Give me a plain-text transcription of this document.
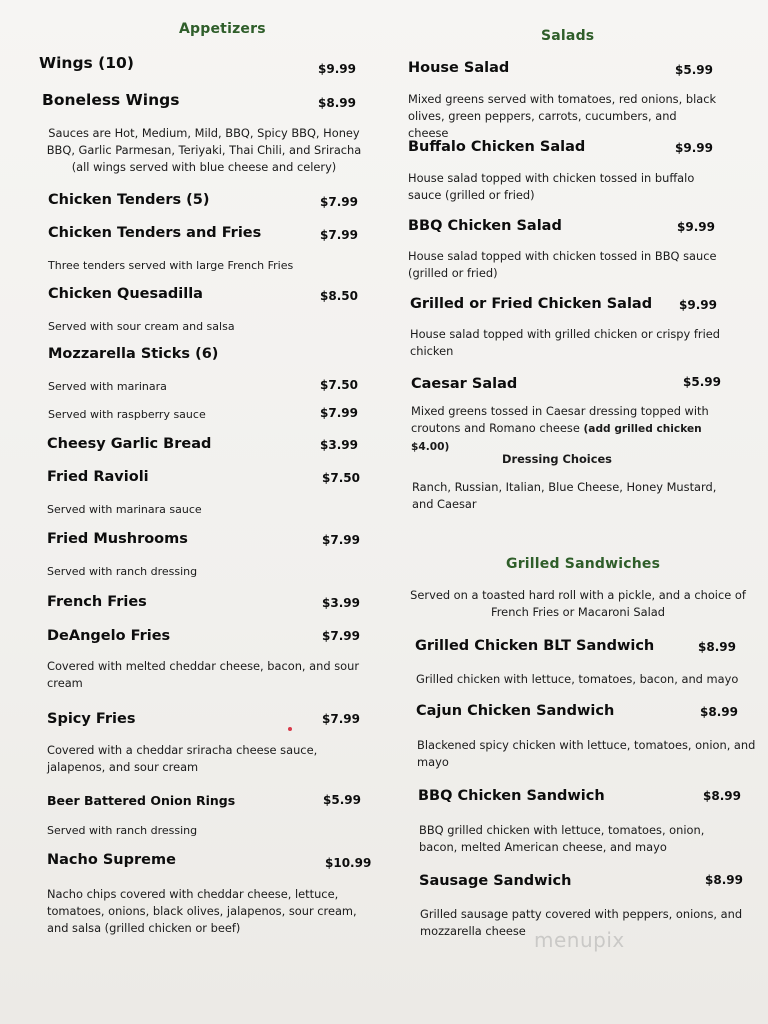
Appetizers
Wings (10)	$9.99
Boneless Wings	$8.99
Sauces are Hot, Medium, Mild, BBQ, Spicy BBQ, Honey BBQ, Garlic Parmesan, Teriyaki, Thai Chili, and Sriracha (all wings served with blue cheese and celery)
Chicken Tenders (5)	$7.99
Chicken Tenders and Fries	$7.99
Three tenders served with large French Fries
Chicken Quesadilla	$8.50
Served with sour cream and salsa
Mozzarella Sticks (6)
Served with marinara	$7.50
Served with raspberry sauce	$7.99
Cheesy Garlic Bread	$3.99
Fried Ravioli	$7.50
Served with marinara sauce
Fried Mushrooms	$7.99
Served with ranch dressing
French Fries	$3.99
DeAngelo Fries	$7.99
Covered with melted cheddar cheese, bacon, and sour cream
Spicy Fries	$7.99
Covered with a cheddar sriracha cheese sauce, jalapenos, and sour cream
Beer Battered Onion Rings	$5.99
Served with ranch dressing
Nacho Supreme	$10.99
Nacho chips covered with cheddar cheese, lettuce, tomatoes, onions, black olives, jalapenos, sour cream, and salsa (grilled chicken or beef)
Salads
House Salad	$5.99
Mixed greens served with tomatoes, red onions, black olives, green peppers, carrots, cucumbers, and cheese
Buffalo Chicken Salad	$9.99
House salad topped with chicken tossed in buffalo sauce (grilled or fried)
BBQ Chicken Salad	$9.99
House salad topped with chicken tossed in BBQ sauce (grilled or fried)
Grilled or Fried Chicken Salad $9.99
House salad topped with grilled chicken or crispy fried chicken
Caesar Salad	$5.99
Mixed greens tossed in Caesar dressing topped with croutons and Romano cheese (add grilled chicken $4.00)
Dressing Choices
Ranch, Russian, Italian, Blue Cheese, Honey Mustard, and Caesar
Grilled Sandwiches
Served on a toasted hard roll with a pickle, and a choice of French Fries or Macaroni Salad
Grilled Chicken BLT Sandwich	$8.99
Grilled chicken with lettuce, tomatoes, bacon, and mayo
Cajun Chicken Sandwich	$8.99
Blackened spicy chicken with lettuce, tomatoes, onion, and mayo
BBQ Chicken Sandwich	$8.99
BBQ grilled chicken with lettuce, tomatoes, onion, bacon, melted American cheese, and mayo
Sausage Sandwich	$8.99
Grilled sausage patty covered with peppers, onions, and mozzarella cheese menupix
